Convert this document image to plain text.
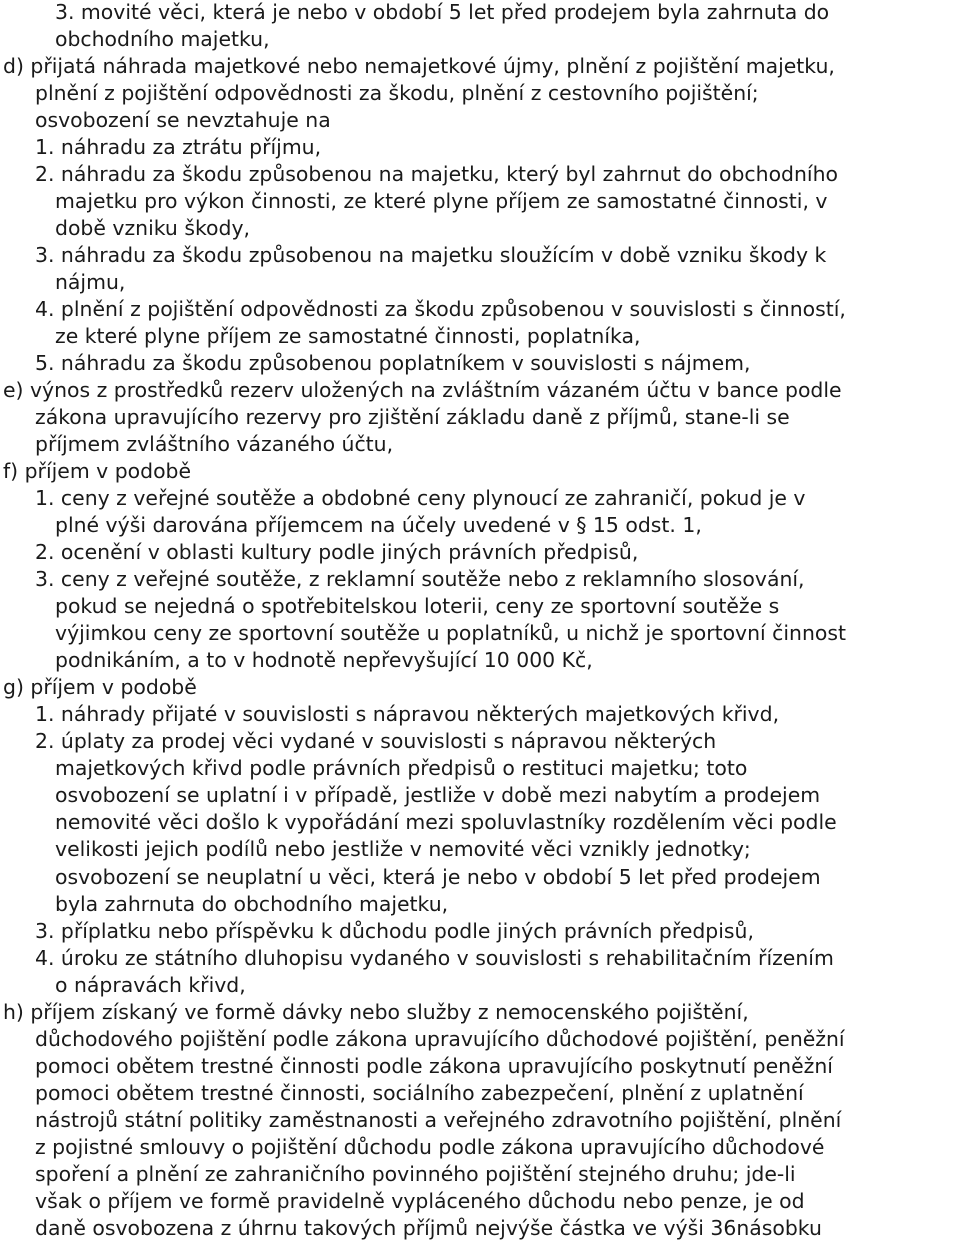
3. movité věci, která je nebo v období 5 let před prodejem byla zahrnuta do
obchodního majetku,
d) přijatá náhrada majetkové nebo nemajetkové újmy, plnění z pojištění majetku,
plnění z pojištění odpovědnosti za škodu, plnění z cestovního pojištění;
osvobození se nevztahuje na
1. náhradu za ztrátu příjmu,
2. náhradu za škodu způsobenou na majetku, který byl zahrnut do obchodního
majetku pro výkon činnosti, ze které plyne příjem ze samostatné činnosti, v
době vzniku škody,
3. náhradu za škodu způsobenou na majetku sloužícím v době vzniku škody k
nájmu,
4. plnění z pojištění odpovědnosti za škodu způsobenou v souvislosti s činností,
ze které plyne příjem ze samostatné činnosti, poplatníka,
5. náhradu za škodu způsobenou poplatníkem v souvislosti s nájmem,
e) výnos z prostředků rezerv uložených na zvláštním vázaném účtu v bance podle
zákona upravujícího rezervy pro zjištění základu daně z příjmů, stane-li se
příjmem zvláštního vázaného účtu,
f) příjem v podobě
1. ceny z veřejné soutěže a obdobné ceny plynoucí ze zahraničí, pokud je v
plné výši darována příjemcem na účely uvedené v § 15 odst. 1,
2. ocenění v oblasti kultury podle jiných právních předpisů,
3. ceny z veřejné soutěže, z reklamní soutěže nebo z reklamního slosování,
pokud se nejedná o spotřebitelskou loterii, ceny ze sportovní soutěže s
výjimkou ceny ze sportovní soutěže u poplatníků, u nichž je sportovní činnost
podnikáním, a to v hodnotě nepřevyšující 10 000 Kč,
g) příjem v podobě
1. náhrady přijaté v souvislosti s nápravou některých majetkových křivd,
2. úplaty za prodej věci vydané v souvislosti s nápravou některých
majetkových křivd podle právních předpisů o restituci majetku; toto
osvobození se uplatní i v případě, jestliže v době mezi nabytím a prodejem
nemovité věci došlo k vypořádání mezi spoluvlastníky rozdělením věci podle
velikosti jejich podílů nebo jestliže v nemovité věci vznikly jednotky;
osvobození se neuplatní u věci, která je nebo v období 5 let před prodejem
byla zahrnuta do obchodního majetku,
3. příplatku nebo příspěvku k důchodu podle jiných právních předpisů,
4. úroku ze státního dluhopisu vydaného v souvislosti s rehabilitačním řízením
o nápravách křivd,
h) příjem získaný ve formě dávky nebo služby z nemocenského pojištění,
důchodového pojištění podle zákona upravujícího důchodové pojištění, peněžní
pomoci obětem trestné činnosti podle zákona upravujícího poskytnutí peněžní
pomoci obětem trestné činnosti, sociálního zabezpečení, plnění z uplatnění
nástrojů státní politiky zaměstnanosti a veřejného zdravotního pojištění, plnění
z pojistné smlouvy o pojištění důchodu podle zákona upravujícího důchodové
spoření a plnění ze zahraničního povinného pojištění stejného druhu; jde-li
však o příjem ve formě pravidelně vypláceného důchodu nebo penze, je od
daně osvobozena z úhrnu takových příjmů nejvýše částka ve výši 36násobku
